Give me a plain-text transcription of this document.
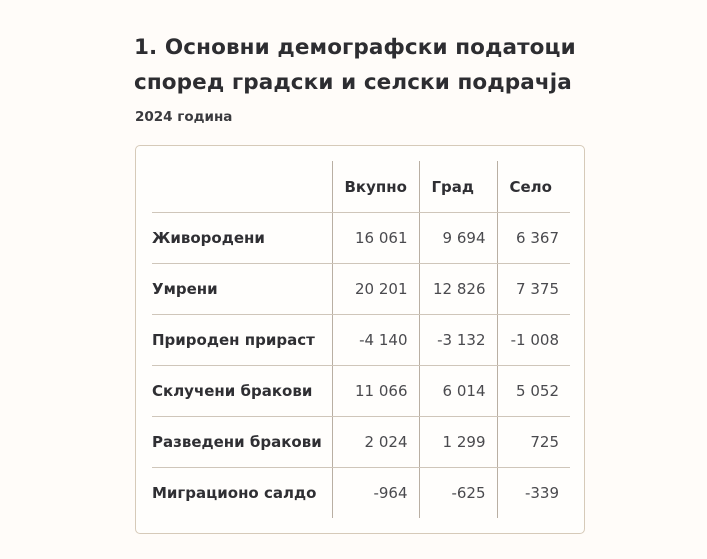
1. Основни демографски податоци според градски и селски подрачја

2024 година

	Вкупно	Град	Село
Живородени	16 061	9 694	6 367
Умрени	20 201	12 826	7 375
Природен прираст	-4 140	-3 132	-1 008
Склучени бракови	11 066	6 014	5 052
Разведени бракови	2 024	1 299	725
Миграционо салдо	-964	-625	-339
